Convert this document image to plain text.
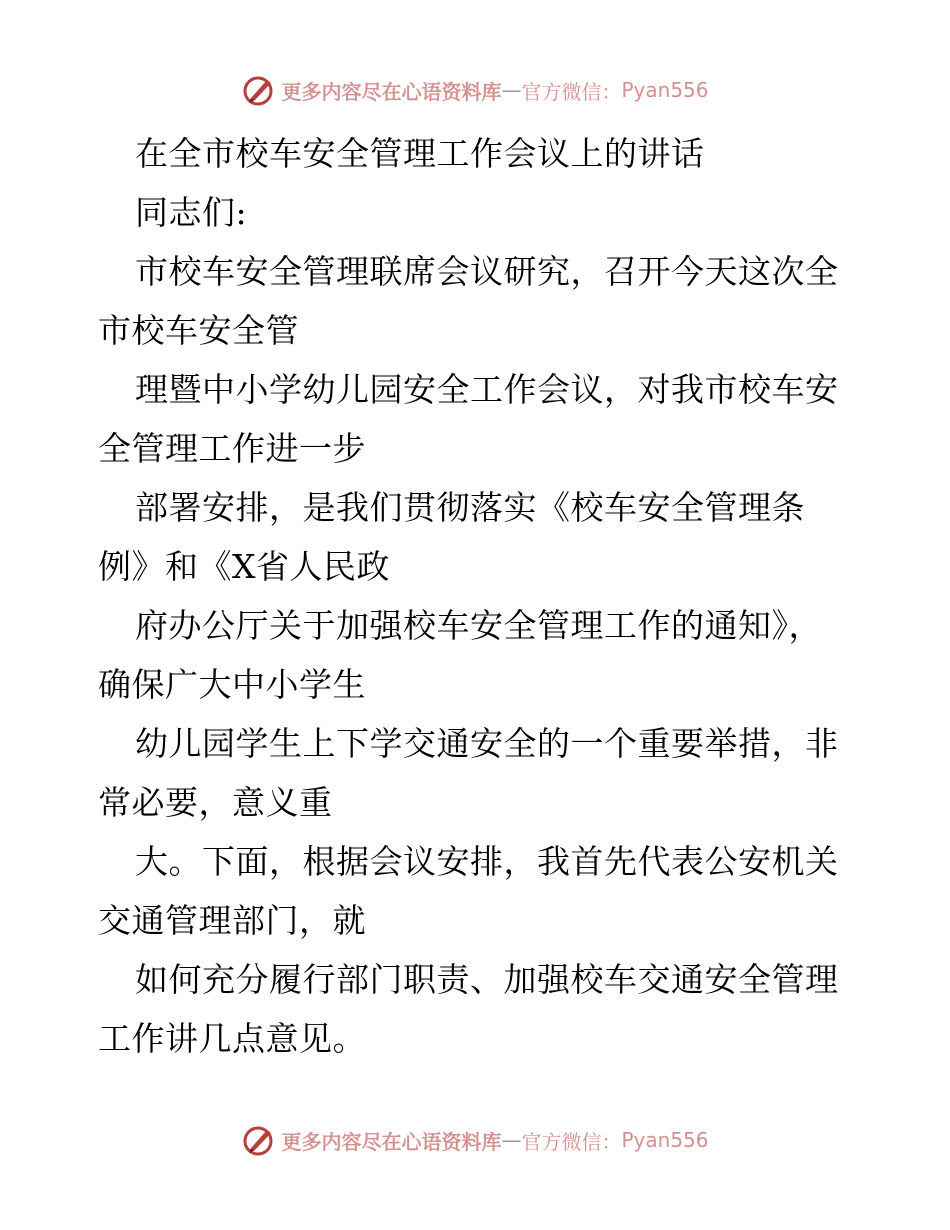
更多内容尽在心语资料库 — 官方微信： Pyan556
在全市校车安全管理工作会议上的讲话
同志们:
市校车安全管理联席会议研究，召开今天这次全
市校车安全管
理暨中小学幼儿园安全工作会议，对我市校车安
全管理工作进一步
部署安排，是我们贯彻落实《校车安全管理条
例》和《X省人民政
府办公厅关于加强校车安全管理工作的通知》，
确保广大中小学生
幼儿园学生上下学交通安全的一个重要举措，非
常必要，意义重
大。下面，根据会议安排，我首先代表公安机关
交通管理部门，就
如何充分履行部门职责、加强校车交通安全管理
工作讲几点意见。
更多内容尽在心语资料库 — 官方微信： Pyan556
